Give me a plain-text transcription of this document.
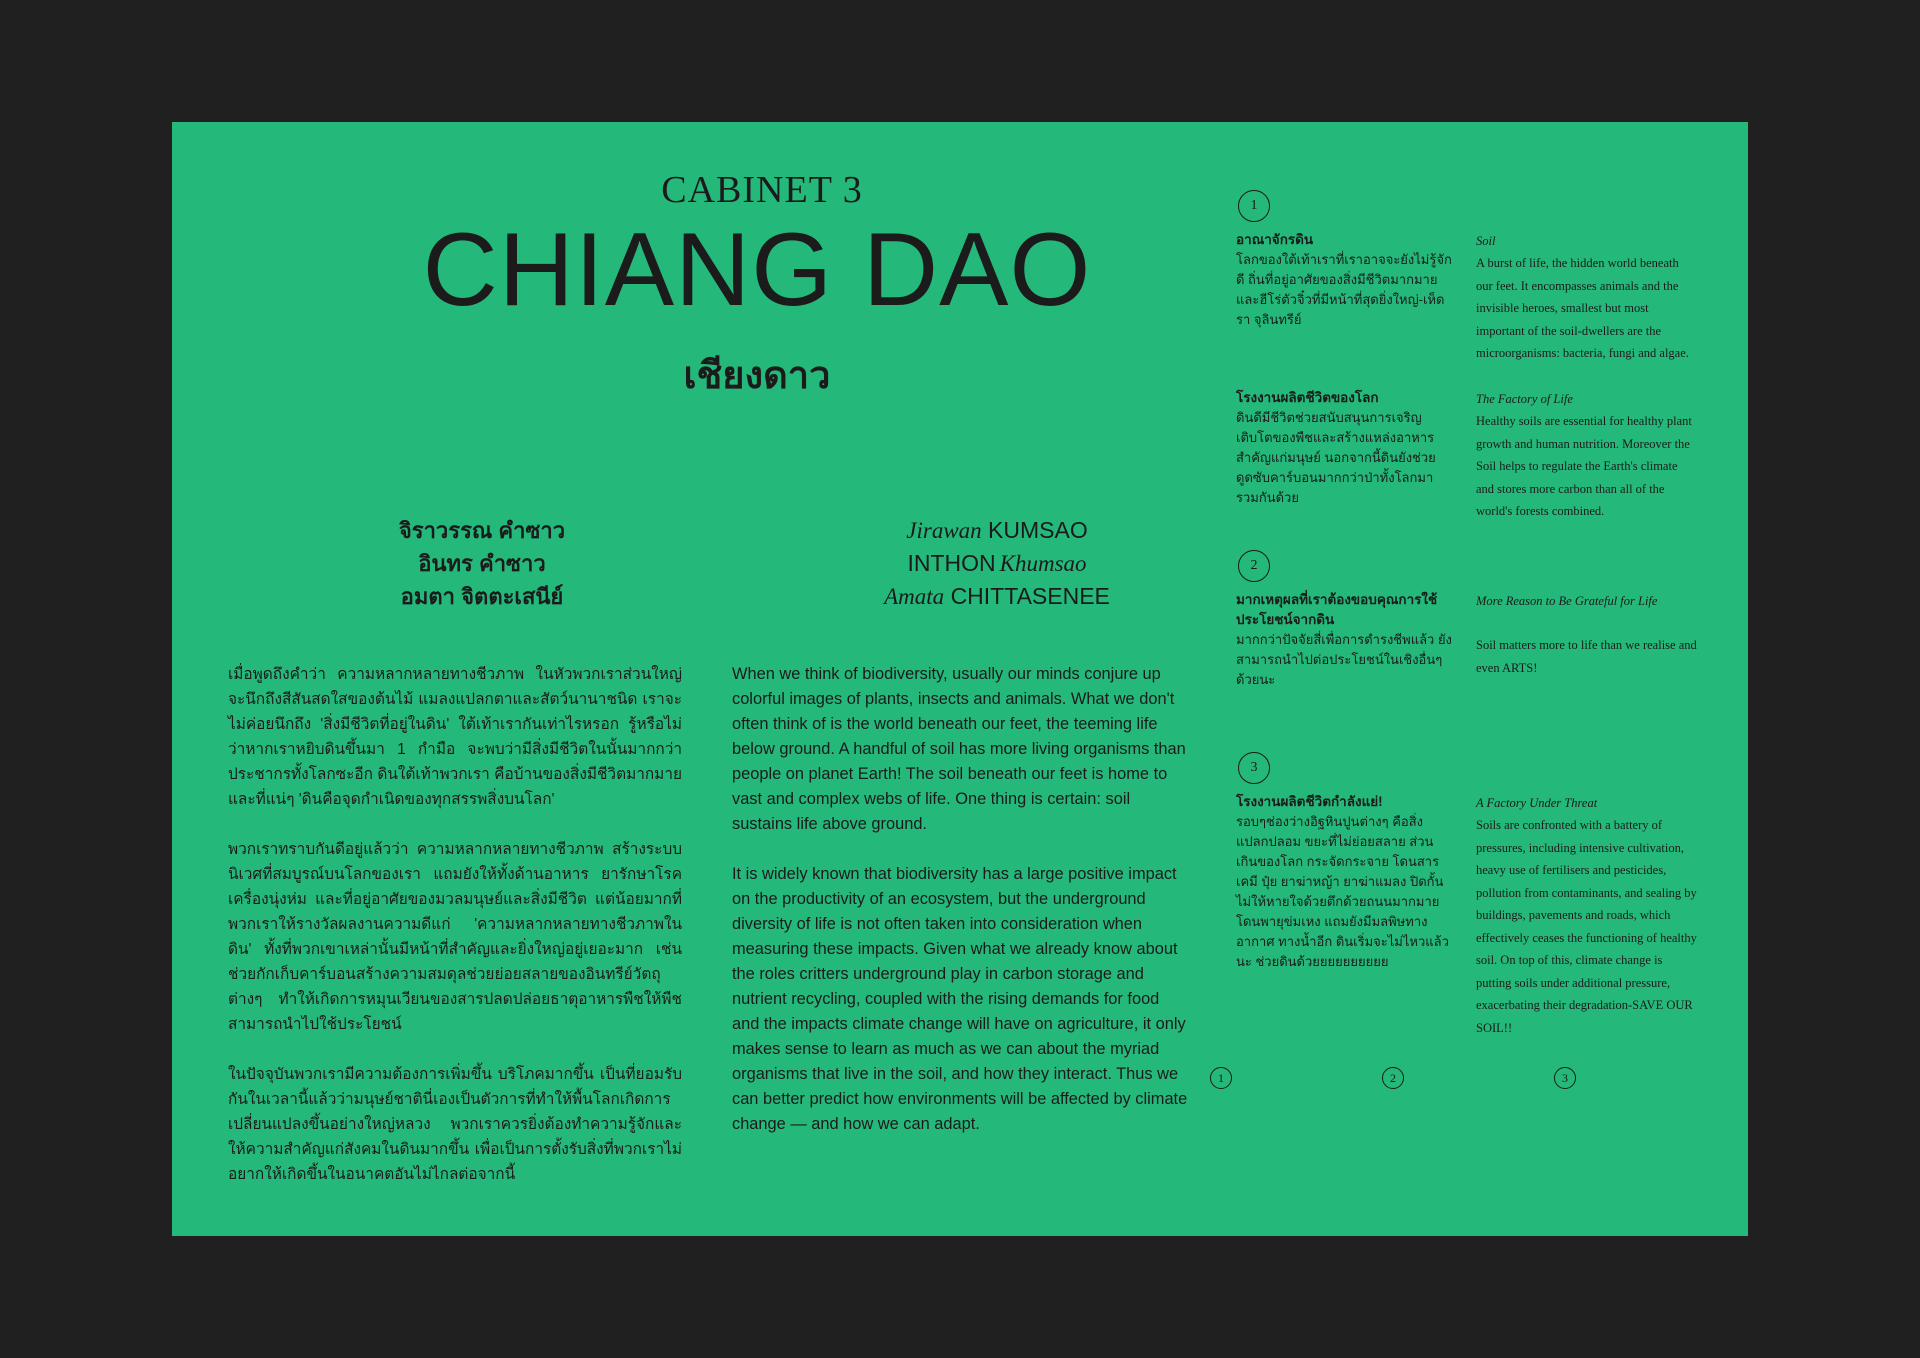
CABINET 3
CHIANG DAO
เชียงดาว
จิราวรรณ คำซาว
อินทร คำซาว
อมตา จิตตะเสนีย์
Jirawan KUMSAO
INTHON Khumsao
Amata CHITTASENEE

เมื่อพูดถึงคำว่า ความหลากหลายทางชีวภาพ ในหัวพวกเราส่วนใหญ่จะนึกถึงสีสันสดใสของต้นไม้ แมลงแปลกตาและสัตว์นานาชนิด เราจะไม่ค่อยนึกถึง 'สิ่งมีชีวิตที่อยู่ในดิน' ใต้เท้าเรากันเท่าไรหรอก รู้หรือไม่ว่าหากเราหยิบดินขึ้นมา 1 กำมือ จะพบว่ามีสิ่งมีชีวิตในนั้นมากกว่าประชากรทั้งโลกซะอีก ดินใต้เท้าพวกเรา คือบ้านของสิ่งมีชีวิตมากมายและที่แน่ๆ 'ดินคือจุดกำเนิดของทุกสรรพสิ่งบนโลก'

พวกเราทราบกันดีอยู่แล้วว่า ความหลากหลายทางชีวภาพ สร้างระบบนิเวศที่สมบูรณ์บนโลกของเรา แถมยังให้ทั้งด้านอาหาร ยารักษาโรค เครื่องนุ่งห่ม และที่อยู่อาศัยของมวลมนุษย์และสิ่งมีชีวิต แต่น้อยมากที่พวกเราให้รางวัลผลงานความดีแก่ 'ความหลากหลายทางชีวภาพในดิน' ทั้งที่พวกเขาเหล่านั้นมีหน้าที่สำคัญและยิ่งใหญ่อยู่เยอะมาก เช่น ช่วยกักเก็บคาร์บอนสร้างความสมดุลช่วยย่อยสลายของอินทรีย์วัตถุต่างๆ ทำให้เกิดการหมุนเวียนของสารปลดปล่อยธาตุอาหารพืชให้พืชสามารถนำไปใช้ประโยชน์

ในปัจจุบันพวกเรามีความต้องการเพิ่มขึ้น บริโภคมากขึ้น เป็นที่ยอมรับกันในเวลานี้แล้วว่ามนุษย์ชาตินี่เองเป็นตัวการที่ทำให้พื้นโลกเกิดการเปลี่ยนแปลงขึ้นอย่างใหญ่หลวง พวกเราควรยิ่งต้องทำความรู้จักและให้ความสำคัญแก่สังคมในดินมากขึ้น เพื่อเป็นการตั้งรับสิ่งที่พวกเราไม่อยากให้เกิดขึ้นในอนาคตอันไม่ไกลต่อจากนี้

When we think of biodiversity, usually our minds conjure up colorful images of plants, insects and animals. What we don't often think of is the world beneath our feet, the teeming life below ground. A handful of soil has more living organisms than people on planet Earth! The soil beneath our feet is home to vast and complex webs of life. One thing is certain: soil sustains life above ground.

It is widely known that biodiversity has a large positive impact on the productivity of an ecosystem, but the underground diversity of life is not often taken into consideration when measuring these impacts. Given what we already know about the roles critters underground play in carbon storage and nutrient recycling, coupled with the rising demands for food and the impacts climate change will have on agriculture, it only makes sense to learn as much as we can about the myriad organisms that live in the soil, and how they interact. Thus we can better predict how environments will be affected by climate change — and how we can adapt.

1
อาณาจักรดิน
โลกของใต้เท้าเราที่เราอาจจะยังไม่รู้จักดี ถิ่นที่อยู่อาศัยของสิ่งมีชีวิตมากมายและฮีโร่ตัวจิ๋วที่มีหน้าที่สุดยิ่งใหญ่-เห็ด รา จุลินทรีย์
Soil
A burst of life, the hidden world beneath our feet. It encompasses animals and the invisible heroes, smallest but most important of the soil-dwellers are the microorganisms: bacteria, fungi and algae.
โรงงานผลิตชีวิตของโลก
ดินดีมีชีวิตช่วยสนับสนุนการเจริญเติบโตของพืชและสร้างแหล่งอาหารสำคัญแก่มนุษย์ นอกจากนี้ดินยังช่วยดูดซับคาร์บอนมากกว่าป่าทั้งโลกมารวมกันด้วย
The Factory of Life
Healthy soils are essential for healthy plant growth and human nutrition. Moreover the Soil helps to regulate the Earth's climate and stores more carbon than all of the world's forests combined.
2
มากเหตุผลที่เราต้องขอบคุณการใช้ประโยชน์จากดิน
มากกว่าปัจจัยสี่เพื่อการดำรงชีพแล้ว ยังสามารถนำไปต่อประโยชน์ในเชิงอื่นๆ ด้วยนะ
More Reason to Be Grateful for Life
Soil matters more to life than we realise and even ARTS!
3
โรงงานผลิตชีวิตกำลังแย่!
รอบๆช่องว่างอิฐหินปูนต่างๆ คือสิ่งแปลกปลอม ขยะที่ไม่ย่อยสลาย ส่วนเกินของโลก กระจัดกระจาย โดนสารเคมี ปุ๋ย ยาฆ่าหญ้า ยาฆ่าแมลง ปิดกั้นไม่ให้หายใจด้วยตึกด้วยถนนมากมาย โดนพายุข่มเหง แถมยังมีมลพิษทางอากาศ ทางน้ำอีก ดินเริ่มจะไม่ไหวแล้วนะ ช่วยดินด้วยยยยยยยยยย
A Factory Under Threat
Soils are confronted with a battery of pressures, including intensive cultivation, heavy use of fertilisers and pesticides, pollution from contaminants, and sealing by buildings, pavements and roads, which effectively ceases the functioning of healthy soil. On top of this, climate change is putting soils under additional pressure, exacerbating their degradation-SAVE OUR SOIL!!
1	2	3
